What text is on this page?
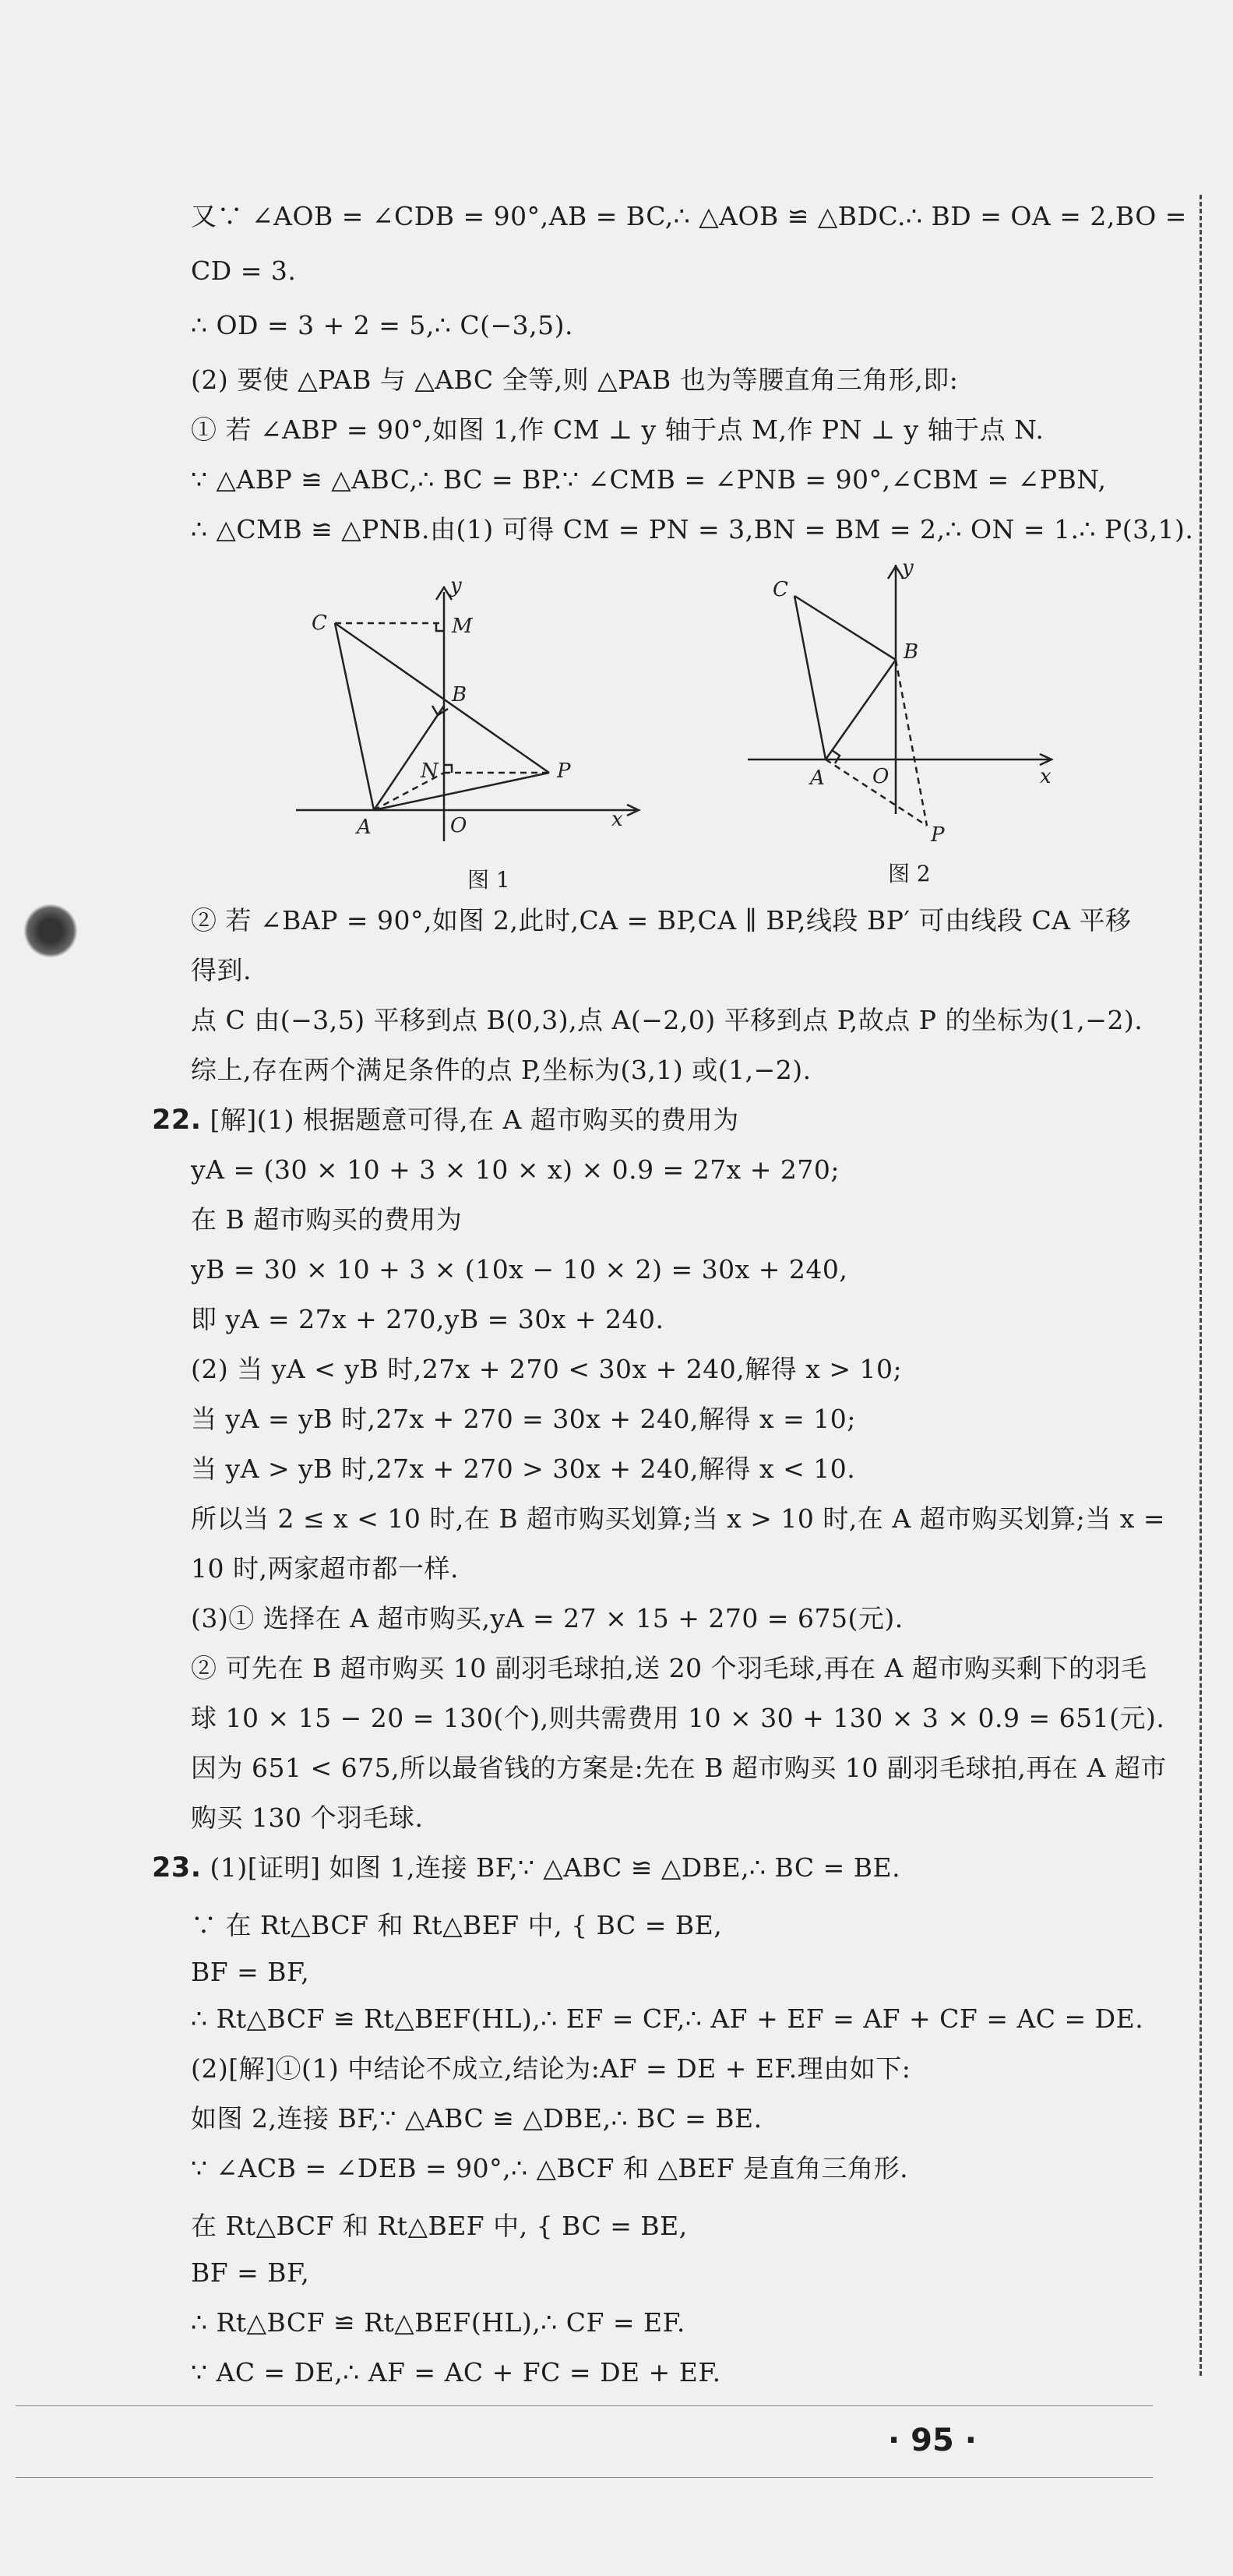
又∵ ∠AOB = ∠CDB = 90°,AB = BC,∴ △AOB ≌ △BDC.∴ BD = OA = 2,BO =
CD = 3.
∴ OD = 3 + 2 = 5,∴ C(−3,5).
(2) 要使 △PAB 与 △ABC 全等,则 △PAB 也为等腰直角三角形,即:
① 若 ∠ABP = 90°,如图 1,作 CM ⊥ y 轴于点 M,作 PN ⊥ y 轴于点 N.
∵ △ABP ≌ △ABC,∴ BC = BP.∵ ∠CMB = ∠PNB = 90°,∠CBM = ∠PBN,
∴ △CMB ≌ △PNB.由(1) 可得 CM = PN = 3,BN = BM = 2,∴ ON = 1.∴ P(3,1).
C	M
B
N	P
A	O	x
y
图 1
C
B
A O
P
x
y
图 2
② 若 ∠BAP = 90°,如图 2,此时,CA = BP,CA ∥ BP,线段 BP′ 可由线段 CA 平移
得到.
点 C 由(−3,5) 平移到点 B(0,3),点 A(−2,0) 平移到点 P,故点 P 的坐标为(1,−2).
综上,存在两个满足条件的点 P,坐标为(3,1) 或(1,−2).
22. [解](1) 根据题意可得,在 A 超市购买的费用为
yA = (30 × 10 + 3 × 10 × x) × 0.9 = 27x + 270;
在 B 超市购买的费用为
yB = 30 × 10 + 3 × (10x − 10 × 2) = 30x + 240,
即 yA = 27x + 270,yB = 30x + 240.
(2) 当 yA < yB 时,27x + 270 < 30x + 240,解得 x > 10;
当 yA = yB 时,27x + 270 = 30x + 240,解得 x = 10;
当 yA > yB 时,27x + 270 > 30x + 240,解得 x < 10.
所以当 2 ≤ x < 10 时,在 B 超市购买划算;当 x > 10 时,在 A 超市购买划算;当 x =
10 时,两家超市都一样.
(3)① 选择在 A 超市购买,yA = 27 × 15 + 270 = 675(元).
② 可先在 B 超市购买 10 副羽毛球拍,送 20 个羽毛球,再在 A 超市购买剩下的羽毛
球 10 × 15 − 20 = 130(个),则共需费用 10 × 30 + 130 × 3 × 0.9 = 651(元).
因为 651 < 675,所以最省钱的方案是:先在 B 超市购买 10 副羽毛球拍,再在 A 超市
购买 130 个羽毛球.
23. (1)[证明] 如图 1,连接 BF,∵ △ABC ≌ △DBE,∴ BC = BE.
∵ 在 Rt△BCF 和 Rt△BEF 中, { BC = BE,
BF = BF,
∴ Rt△BCF ≌ Rt△BEF(HL),∴ EF = CF,∴ AF + EF = AF + CF = AC = DE.
(2)[解]①(1) 中结论不成立,结论为:AF = DE + EF.理由如下:
如图 2,连接 BF,∵ △ABC ≌ △DBE,∴ BC = BE.
∵ ∠ACB = ∠DEB = 90°,∴ △BCF 和 △BEF 是直角三角形.
在 Rt△BCF 和 Rt△BEF 中, { BC = BE,
BF = BF,
∴ Rt△BCF ≌ Rt△BEF(HL),∴ CF = EF.
∵ AC = DE,∴ AF = AC + FC = DE + EF.
· 95 ·
